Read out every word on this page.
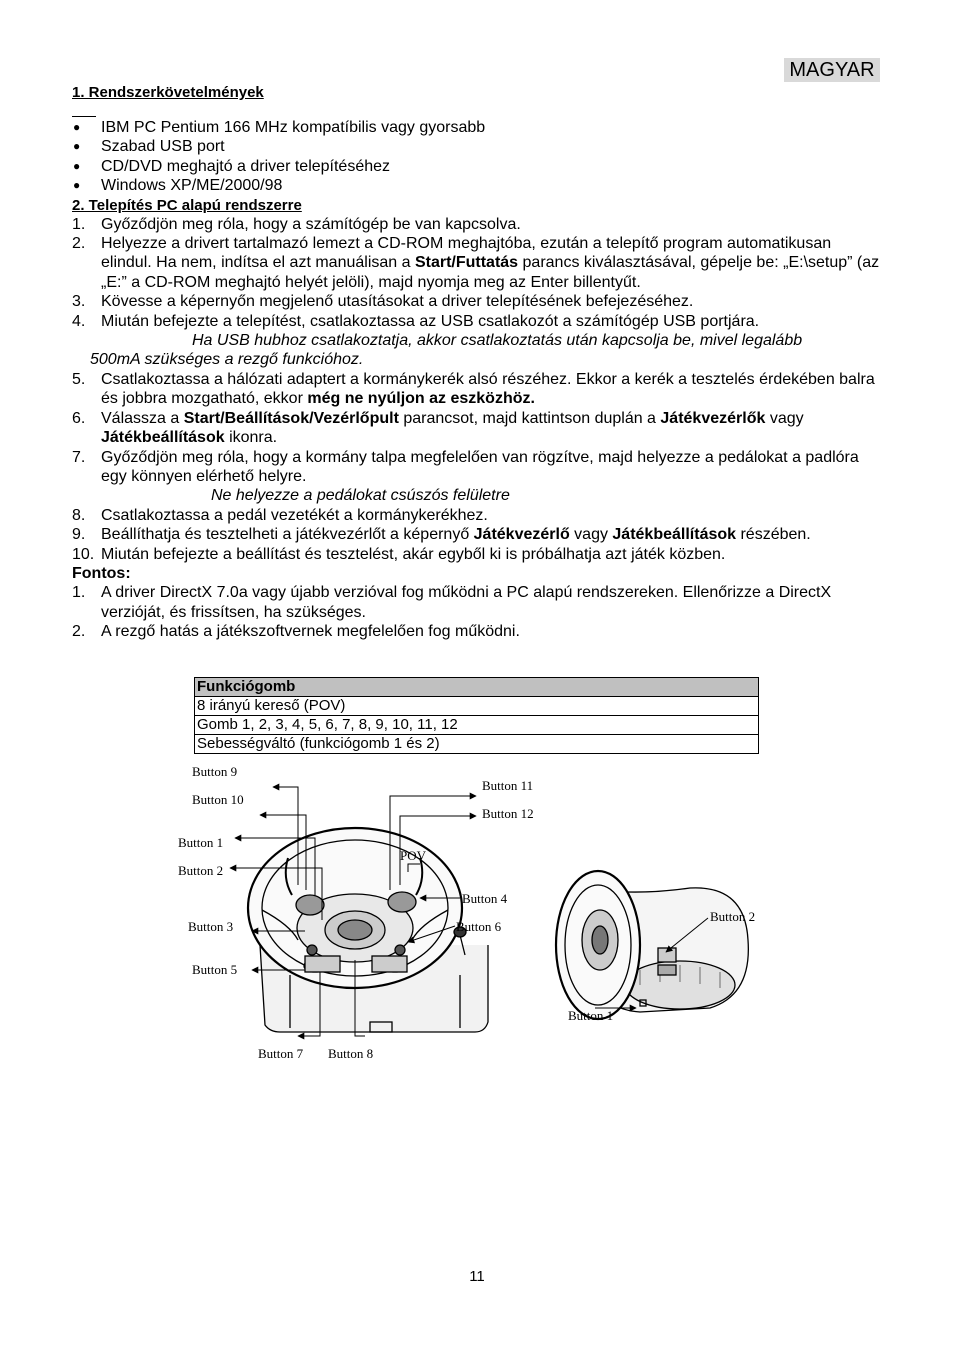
MAGYAR
1. Rendszerkövetelmények
●	IBM PC Pentium 166 MHz kompatíbilis vagy gyorsabb
●	Szabad USB port
●	CD/DVD meghajtó a driver telepítéséhez
●	Windows XP/ME/2000/98
2. Telepítés PC alapú rendszerre
1. Győződjön meg róla, hogy a számítógép be van kapcsolva.
2. Helyezze a drivert tartalmazó lemezt a CD-ROM meghajtóba, ezután a telepítő program automatikusan elindul. Ha nem, indítsa el azt manuálisan a Start/Futtatás parancs kiválasztásával, gépelje be: „E:\setup” (az „E:” a CD-ROM meghajtó helyét jelöli), majd nyomja meg az Enter billentyűt.
3. Kövesse a képernyőn megjelenő utasításokat a driver telepítésének befejezéséhez.
4. Miután befejezte a telepítést, csatlakoztassa az USB csatlakozót a számítógép USB portjára.
Ha USB hubhoz csatlakoztatja, akkor csatlakoztatás után kapcsolja be, mivel legalább
500mA szükséges a rezgő funkcióhoz.
5. Csatlakoztassa a hálózati adaptert a kormánykerék alsó részéhez. Ekkor a kerék a tesztelés érdekében balra és jobbra mozgatható, ekkor még ne nyúljon az eszközhöz.
6. Válassza a Start/Beállítások/Vezérlőpult parancsot, majd kattintson duplán a Játékvezérlők vagy Játékbeállítások ikonra.
7. Győződjön meg róla, hogy a kormány talpa megfelelően van rögzítve, majd helyezze a pedálokat a padlóra egy könnyen elérhető helyre.
Ne helyezze a pedálokat csúszós felületre
8. Csatlakoztassa a pedál vezetékét a kormánykerékhez.
9. Beállíthatja és tesztelheti a játékvezérlőt a képernyő Játékvezérlő vagy Játékbeállítások részében.
10. Miután befejezte a beállítást és tesztelést, akár egyből ki is próbálhatja azt játék közben.
Fontos:
1. A driver DirectX 7.0a vagy újabb verzióval fog működni a PC alapú rendszereken. Ellenőrizze a DirectX verzióját, és frissítsen, ha szükséges.
2. A rezgő hatás a játékszoftvernek megfelelően fog működni.
Funkciógomb
8 irányú kereső (POV)
Gomb 1, 2, 3, 4, 5, 6, 7, 8, 9, 10, 11, 12
Sebességváltó (funkciógomb 1 és 2)
Button 9
Button 10
Button 1
Button 2
Button 3
Button 5
Button 7 Button 8
Button 11
Button 12
POV
Button 4
Button 6
Button 2
Button 1
11
